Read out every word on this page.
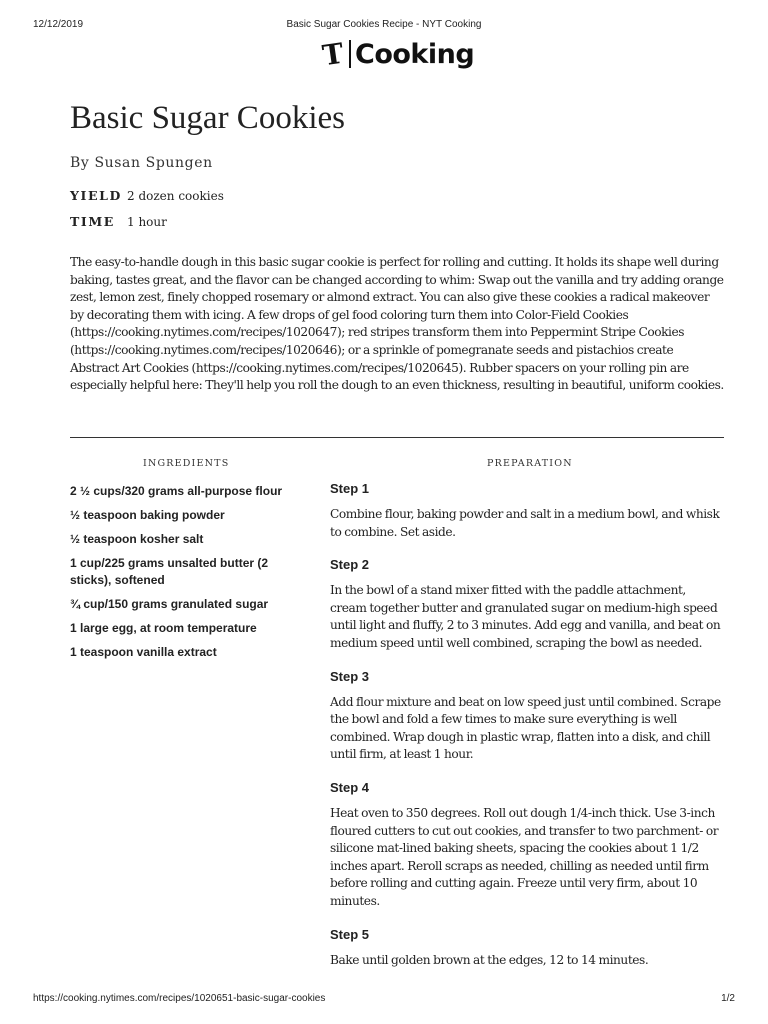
12/12/2019	Basic Sugar Cookies Recipe - NYT Cooking
T Cooking
Basic Sugar Cookies
By Susan Spungen
YIELD 2 dozen cookies
TIME	1 hour

The easy-to-handle dough in this basic sugar cookie is perfect for rolling and cutting. It holds its shape well during baking, tastes great, and the flavor can be changed according to whim: Swap out the vanilla and try adding orange zest, lemon zest, finely chopped rosemary or almond extract. You can also give these cookies a radical makeover by decorating them with icing. A few drops of gel food coloring turn them into Color-Field Cookies (https://cooking.nytimes.com/recipes/1020647); red stripes transform them into Peppermint Stripe Cookies (https://cooking.nytimes.com/recipes/1020646); or a sprinkle of pomegranate seeds and pistachios create Abstract Art Cookies (https://cooking.nytimes.com/recipes/1020645). Rubber spacers on your rolling pin are especially helpful here: They'll help you roll the dough to an even thickness, resulting in beautiful, uniform cookies.

INGREDIENTS	PREPARATION
2 ½ cups/320 grams all-purpose flour
½ teaspoon baking powder
½ teaspoon kosher salt
1 cup/225 grams unsalted butter (2 sticks), softened
¾ cup/150 grams granulated sugar
1 large egg, at room temperature
1 teaspoon vanilla extract
Step 1

Combine flour, baking powder and salt in a medium bowl, and whisk to combine. Set aside.

Step 2

In the bowl of a stand mixer fitted with the paddle attachment, cream together butter and granulated sugar on medium-high speed until light and fluffy, 2 to 3 minutes. Add egg and vanilla, and beat on medium speed until well combined, scraping the bowl as needed.

Step 3

Add flour mixture and beat on low speed just until combined. Scrape the bowl and fold a few times to make sure everything is well combined. Wrap dough in plastic wrap, flatten into a disk, and chill until firm, at least 1 hour.

Step 4

Heat oven to 350 degrees. Roll out dough 1/4-inch thick. Use 3-inch floured cutters to cut out cookies, and transfer to two parchment- or silicone mat-lined baking sheets, spacing the cookies about 1 1/2 inches apart. Reroll scraps as needed, chilling as needed until firm before rolling and cutting again. Freeze until very firm, about 10 minutes.

Step 5

Bake until golden brown at the edges, 12 to 14 minutes.

https://cooking.nytimes.com/recipes/1020651-basic-sugar-cookies	1/2
